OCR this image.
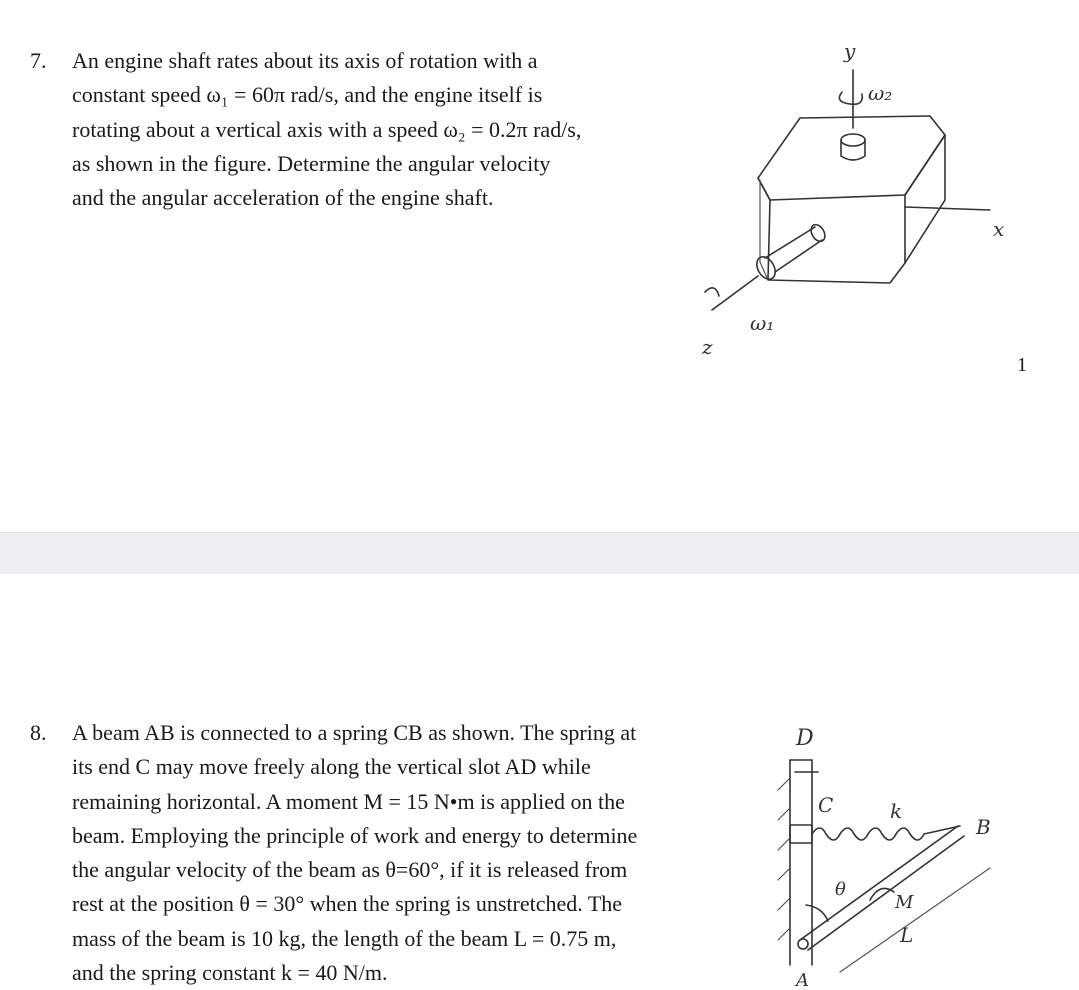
7. An engine shaft rates about its axis of rotation with a
constant speed ω₁ = 60π rad/s, and the engine itself is
rotating about a vertical axis with a speed ω₂ = 0.2π rad/s,
as shown in the figure. Determine the angular velocity
and the angular acceleration of the engine shaft.
y
ω₂
x
z
ω₁
1
8. A beam AB is connected to a spring CB as shown. The spring at
its end C may move freely along the vertical slot AD while
remaining horizontal. A moment M = 15 N•m is applied on the
beam. Employing the principle of work and energy to determine
the angular velocity of the beam as θ=60°, if it is released from
rest at the position θ = 30° when the spring is unstretched. The
mass of the beam is 10 kg, the length of the beam L = 0.75 m,
and the spring constant k = 40 N/m.
D
C	k
B
θ
M
L
A
